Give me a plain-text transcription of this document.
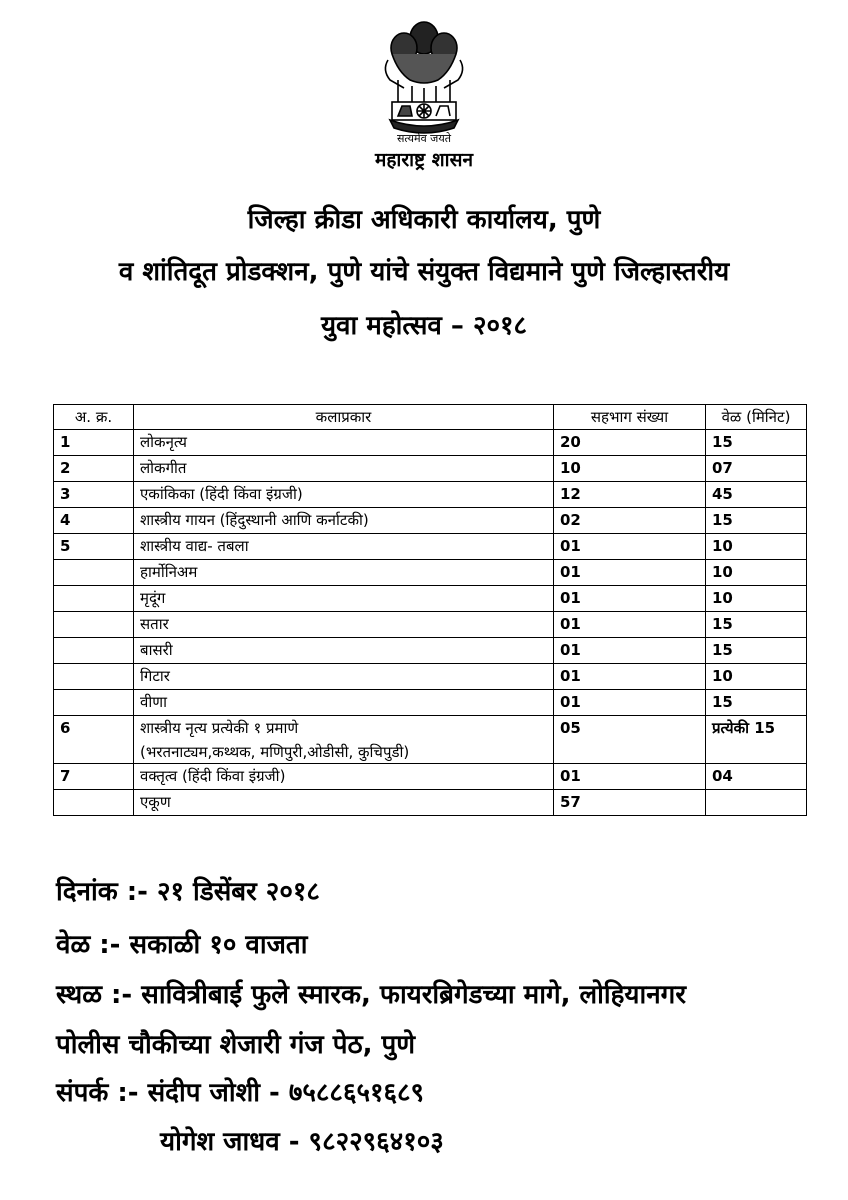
सत्यमेव जयते
महाराष्ट्र शासन
जिल्हा क्रीडा अधिकारी कार्यालय, पुणे
व शांतिदूत प्रोडक्शन, पुणे यांचे संयुक्त विद्यमाने पुणे जिल्हास्तरीय
युवा महोत्सव – २०१८
अ. क्र.	कलाप्रकार	सहभाग संख्या	वेळ (मिनिट)
1	लोकनृत्य	20	15
2	लोकगीत	10	07
3	एकांकिका (हिंदी किंवा इंग्रजी)	12	45
4	शास्त्रीय गायन (हिंदुस्थानी आणि कर्नाटकी)	02	15
5	शास्त्रीय वाद्य- तबला	01	10
	हार्मोनिअम	01	10
	मृदूंग	01	10
	सतार	01	15
	बासरी	01	15
	गिटार	01	10
	वीणा	01	15
6	शास्त्रीय नृत्य प्रत्येकी १ प्रमाणे
(भरतनाट्यम,कथ्थक, मणिपुरी,ओडीसी, कुचिपुडी)	05	प्रत्येकी 15
7	वक्तृत्व (हिंदी किंवा इंग्रजी)	01	04
	एकूण	57	
दिनांक :- २१ डिसेंबर २०१८
वेळ :- सकाळी १० वाजता
स्थळ :- सावित्रीबाई फुले स्मारक, फायरब्रिगेडच्या मागे, लोहियानगर
पोलीस चौकीच्या शेजारी गंज पेठ, पुणे
संपर्क :- संदीप जोशी - ७५८८६५१६८९
योगेश जाधव - ९८२२९६४१०३
